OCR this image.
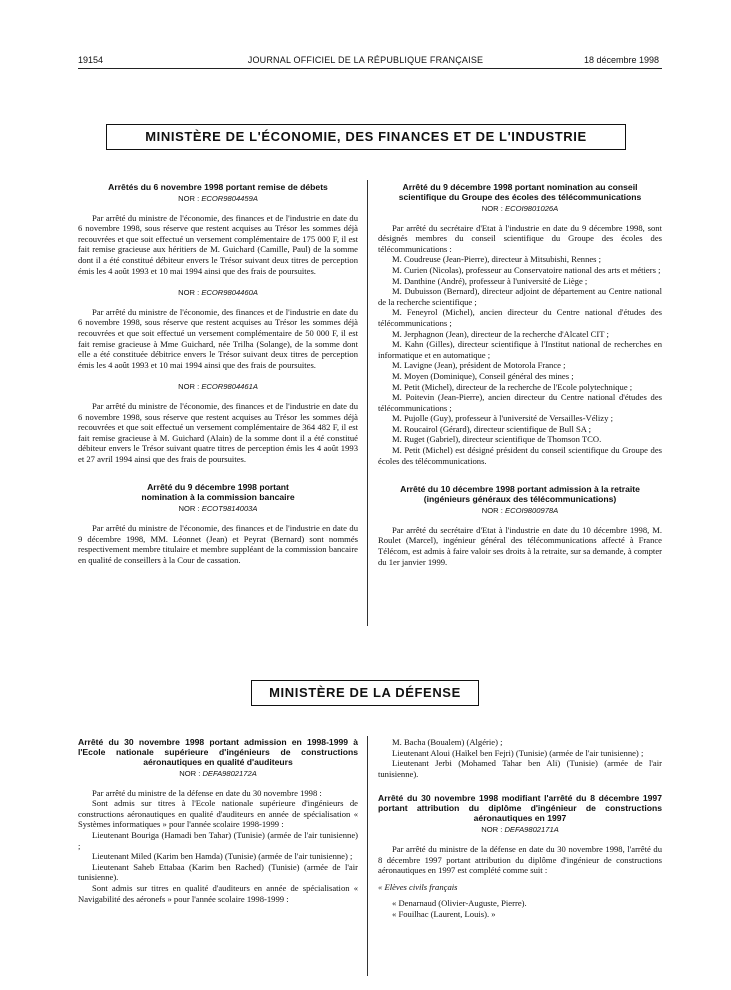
19154	JOURNAL OFFICIEL DE LA RÉPUBLIQUE FRANÇAISE	18 décembre 1998
MINISTÈRE DE L'ÉCONOMIE, DES FINANCES ET DE L'INDUSTRIE
Arrêtés du 6 novembre 1998 portant remise de débets
NOR : ECOR9804459A

Par arrêté du ministre de l'économie, des finances et de l'industrie en date du 6 novembre 1998, sous réserve que restent acquises au Trésor les sommes déjà recouvrées et que soit effectué un versement complémentaire de 175 000 F, il est fait remise gracieuse aux héritiers de M. Guichard (Camille, Paul) de la somme dont il a été constitué débiteur envers le Trésor suivant deux titres de perception émis les 4 août 1993 et 10 mai 1994 ainsi que des frais de poursuites.

NOR : ECOR9804460A

Par arrêté du ministre de l'économie, des finances et de l'industrie en date du 6 novembre 1998, sous réserve que restent acquises au Trésor les sommes déjà recouvrées et que soit effectué un versement complémentaire de 50 000 F, il est fait remise gracieuse à Mme Guichard, née Trilha (Solange), de la somme dont elle a été constituée débitrice envers le Trésor suivant deux titres de perception émis les 4 août 1993 et 10 mai 1994 ainsi que des frais de poursuites.

NOR : ECOR9804461A

Par arrêté du ministre de l'économie, des finances et de l'industrie en date du 6 novembre 1998, sous réserve que restent acquises au Trésor les sommes déjà recouvrées et que soit effectué un versement complémentaire de 364 482 F, il est fait remise gracieuse à M. Guichard (Alain) de la somme dont il a été constitué débiteur envers le Trésor suivant quatre titres de perception émis les 4 août 1993 et 27 avril 1994 ainsi que des frais de poursuites.

Arrêté du 9 décembre 1998 portant nomination à la commission bancaire
NOR : ECOT9814003A

Par arrêté du ministre de l'économie, des finances et de l'industrie en date du 9 décembre 1998, MM. Léonnet (Jean) et Peyrat (Bernard) sont nommés respectivement membre titulaire et membre suppléant de la commission bancaire en qualité de conseillers à la Cour de cassation.

Arrêté du 9 décembre 1998 portant nomination au conseil scientifique du Groupe des écoles des télécommunications
NOR : ECOI9801026A

Par arrêté du secrétaire d'Etat à l'industrie en date du 9 décembre 1998, sont désignés membres du conseil scientifique du Groupe des écoles des télécommunications :

M. Coudreuse (Jean-Pierre), directeur à Mitsubishi, Rennes ;

M. Curien (Nicolas), professeur au Conservatoire national des arts et métiers ;

M. Danthine (André), professeur à l'université de Liège ;

M. Dubuisson (Bernard), directeur adjoint de département au Centre national de la recherche scientifique ;

M. Feneyrol (Michel), ancien directeur du Centre national d'études des télécommunications ;

M. Jerphagnon (Jean), directeur de la recherche d'Alcatel CIT ;

M. Kahn (Gilles), directeur scientifique à l'Institut national de recherches en informatique et en automatique ;

M. Lavigne (Jean), président de Motorola France ;

M. Moyen (Dominique), Conseil général des mines ;

M. Petit (Michel), directeur de la recherche de l'Ecole polytechnique ;

M. Poitevin (Jean-Pierre), ancien directeur du Centre national d'études des télécommunications ;

M. Pujolle (Guy), professeur à l'université de Versailles-Vélizy ;

M. Roucairol (Gérard), directeur scientifique de Bull SA ;

M. Ruget (Gabriel), directeur scientifique de Thomson TCO.

M. Petit (Michel) est désigné président du conseil scientifique du Groupe des écoles des télécommunications.

Arrêté du 10 décembre 1998 portant admission à la retraite (ingénieurs généraux des télécommunications)
NOR : ECOI9800978A

Par arrêté du secrétaire d'Etat à l'industrie en date du 10 décembre 1998, M. Roulet (Marcel), ingénieur général des télécommunications affecté à France Télécom, est admis à faire valoir ses droits à la retraite, sur sa demande, à compter du 1er janvier 1999.

MINISTÈRE DE LA DÉFENSE
Arrêté du 30 novembre 1998 portant admission en 1998-1999 à l'Ecole nationale supérieure d'ingénieurs de constructions aéronautiques en qualité d'auditeurs
NOR : DEFA9802172A

Par arrêté du ministre de la défense en date du 30 novembre 1998 :

Sont admis sur titres à l'Ecole nationale supérieure d'ingénieurs de constructions aéronautiques en qualité d'auditeurs en année de spécialisation « Systèmes informatiques » pour l'année scolaire 1998-1999 :

Lieutenant Bouriga (Hamadi ben Tahar) (Tunisie) (armée de l'air tunisienne) ;

Lieutenant Miled (Karim ben Hamda) (Tunisie) (armée de l'air tunisienne) ;

Lieutenant Saheb Ettabaa (Karim ben Rached) (Tunisie) (armée de l'air tunisienne).

Sont admis sur titres en qualité d'auditeurs en année de spécialisation « Navigabilité des aéronefs » pour l'année scolaire 1998-1999 :

M. Bacha (Boualem) (Algérie) ;

Lieutenant Aloui (Haïkel ben Fejri) (Tunisie) (armée de l'air tunisienne) ;

Lieutenant Jerbi (Mohamed Tahar ben Ali) (Tunisie) (armée de l'air tunisienne).

Arrêté du 30 novembre 1998 modifiant l'arrêté du 8 décembre 1997 portant attribution du diplôme d'ingénieur de constructions aéronautiques en 1997
NOR : DEFA9802171A

Par arrêté du ministre de la défense en date du 30 novembre 1998, l'arrêté du 8 décembre 1997 portant attribution du diplôme d'ingénieur de constructions aéronautiques en 1997 est complété comme suit :

« Elèves civils français

« Denarnaud (Olivier-Auguste, Pierre).

« Fouilhac (Laurent, Louis). »
